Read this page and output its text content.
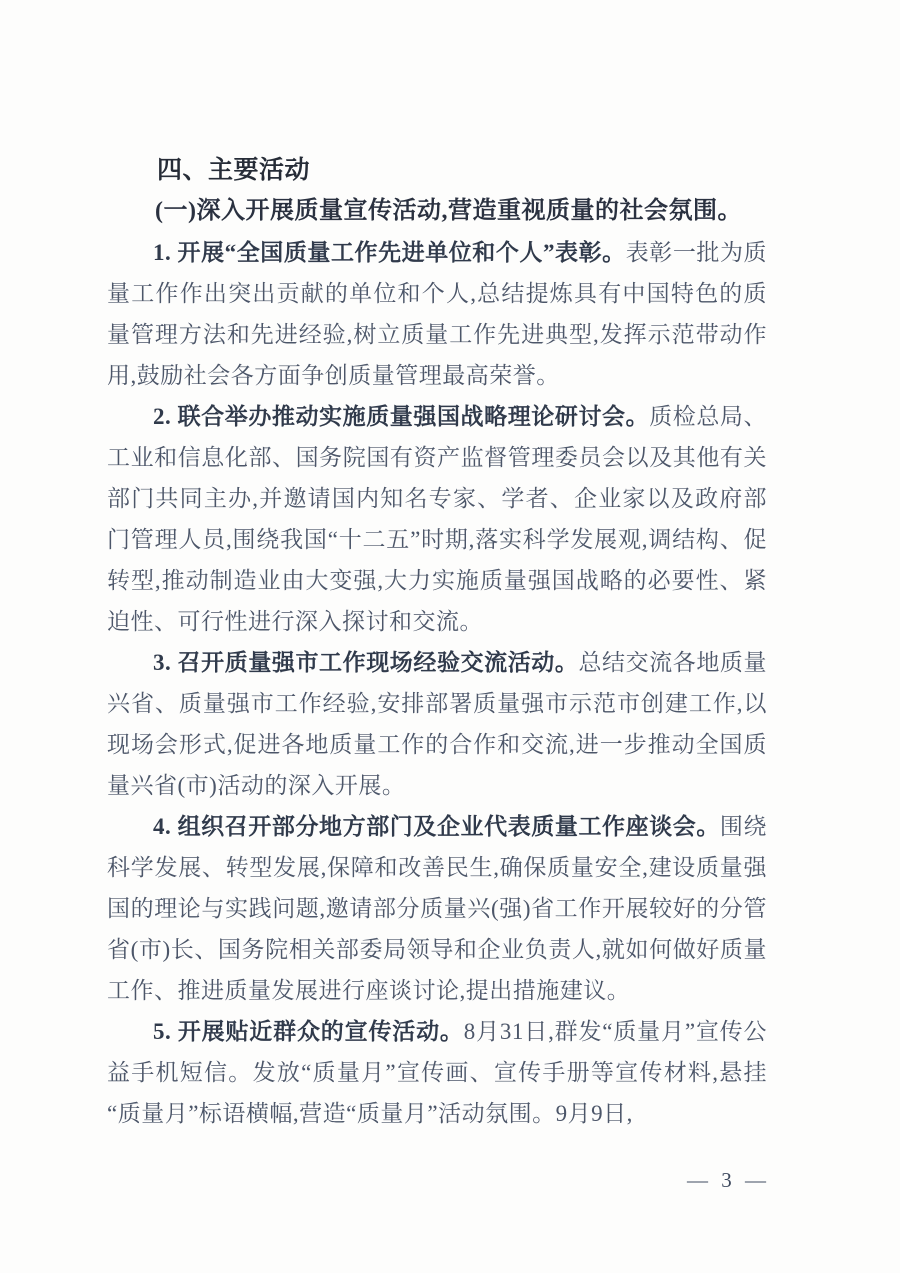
四、主要活动
(一)深入开展质量宣传活动,营造重视质量的社会氛围。

1. 开展“全国质量工作先进单位和个人”表彰。表彰一批为质量工作作出突出贡献的单位和个人,总结提炼具有中国特色的质量管理方法和先进经验,树立质量工作先进典型,发挥示范带动作用,鼓励社会各方面争创质量管理最高荣誉。

2. 联合举办推动实施质量强国战略理论研讨会。质检总局、工业和信息化部、国务院国有资产监督管理委员会以及其他有关部门共同主办,并邀请国内知名专家、学者、企业家以及政府部门管理人员,围绕我国“十二五”时期,落实科学发展观,调结构、促转型,推动制造业由大变强,大力实施质量强国战略的必要性、紧迫性、可行性进行深入探讨和交流。

3. 召开质量强市工作现场经验交流活动。总结交流各地质量兴省、质量强市工作经验,安排部署质量强市示范市创建工作,以现场会形式,促进各地质量工作的合作和交流,进一步推动全国质量兴省(市)活动的深入开展。

4. 组织召开部分地方部门及企业代表质量工作座谈会。围绕科学发展、转型发展,保障和改善民生,确保质量安全,建设质量强国的理论与实践问题,邀请部分质量兴(强)省工作开展较好的分管省(市)长、国务院相关部委局领导和企业负责人,就如何做好质量工作、推进质量发展进行座谈讨论,提出措施建议。

5. 开展贴近群众的宣传活动。8月31日,群发“质量月”宣传公益手机短信。发放“质量月”宣传画、宣传手册等宣传材料,悬挂“质量月”标语横幅,营造“质量月”活动氛围。9月9日,

— 3 —
